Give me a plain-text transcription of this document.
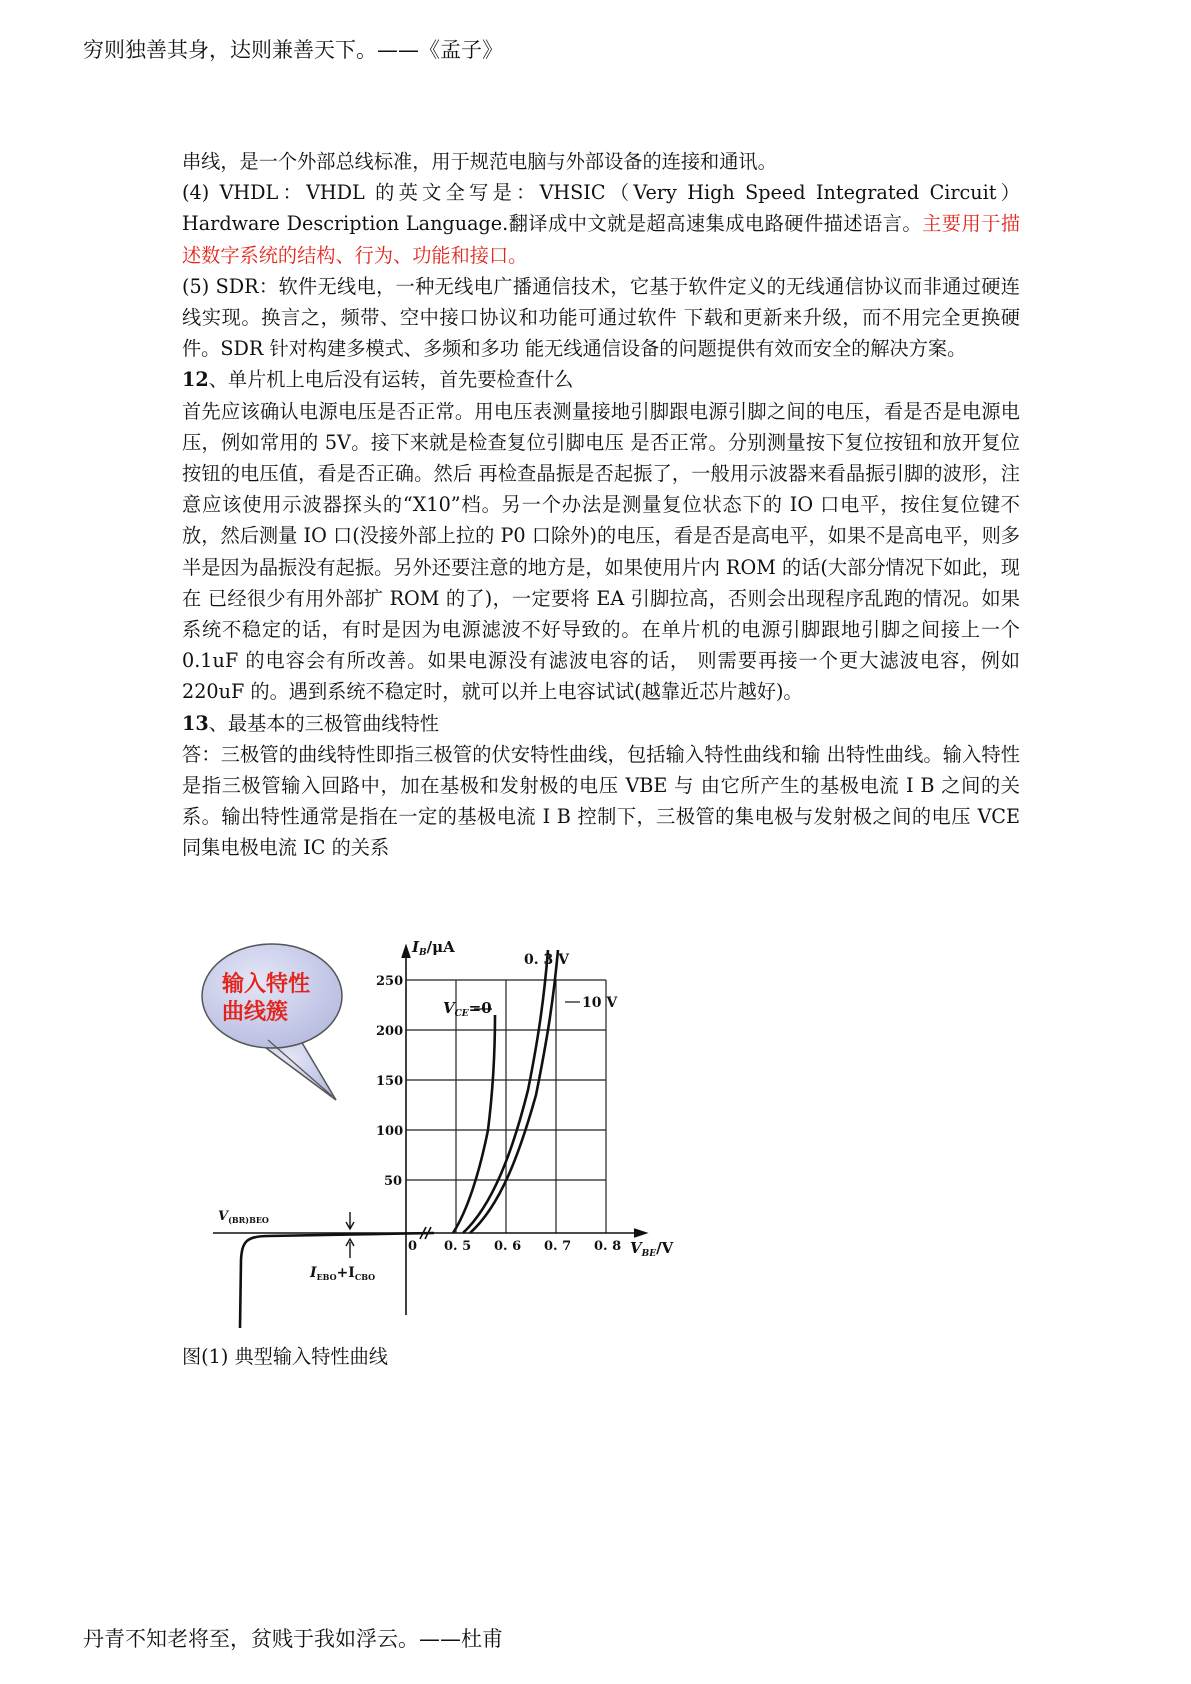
穷则独善其身，达则兼善天下。——《孟子》

串线，是一个外部总线标准，用于规范电脑与外部设备的连接和通讯。

(4) VHDL：VHDL 的英文全写是：VHSIC（Very High Speed Integrated Circuit） Hardware Description Language.翻译成中文就是超高速集成电路硬件描述语言。主要用于描述数字系统的结构、行为、功能和接口。

(5) SDR：软件无线电，一种无线电广播通信技术，它基于软件定义的无线通信协议而非通过硬连线实现。换言之，频带、空中接口协议和功能可通过软件 下载和更新来升级，而不用完全更换硬件。SDR 针对构建多模式、多频和多功 能无线通信设备的问题提供有效而安全的解决方案。

12、单片机上电后没有运转，首先要检查什么

首先应该确认电源电压是否正常。用电压表测量接地引脚跟电源引脚之间的电压，看是否是电源电压，例如常用的 5V。接下来就是检查复位引脚电压 是否正常。分别测量按下复位按钮和放开复位按钮的电压值，看是否正确。然后 再检查晶振是否起振了，一般用示波器来看晶振引脚的波形，注意应该使用示波器探头的“X10”档。另一个办法是测量复位状态下的 IO 口电平，按住复位键不放，然后测量 IO 口(没接外部上拉的 P0 口除外)的电压，看是否是高电平，如果不是高电平，则多半是因为晶振没有起振。另外还要注意的地方是，如果使用片内 ROM 的话(大部分情况下如此，现在 已经很少有用外部扩 ROM 的了)，一定要将 EA 引脚拉高，否则会出现程序乱跑的情况。如果系统不稳定的话，有时是因为电源滤波不好导致的。在单片机的电源引脚跟地引脚之间接上一个 0.1uF 的电容会有所改善。如果电源没有滤波电容的话， 则需要再接一个更大滤波电容，例如 220uF 的。遇到系统不稳定时，就可以并上电容试试(越靠近芯片越好)。

13、最基本的三极管曲线特性

答：三极管的曲线特性即指三极管的伏安特性曲线，包括输入特性曲线和输 出特性曲线。输入特性是指三极管输入回路中，加在基极和发射极的电压 VBE 与 由它所产生的基极电流 I B 之间的关系。输出特性通常是指在一定的基极电流 I B 控制下，三极管的集电极与发射极之间的电压 VCE 同集电极电流 IC 的关系

输入特性
曲线簇
250
200
150
100
50
0 0. 5 0. 6 0. 7 0. 8
$I_B/\mu A$
$V_{BE}/V$
$V_{CE}=0$
0. 3 V
10 V
$V_{(BR)BEO}$
$I_{EBO}+I_{CBO}$
图(1) 典型输入特性曲线
丹青不知老将至，贫贱于我如浮云。——杜甫
